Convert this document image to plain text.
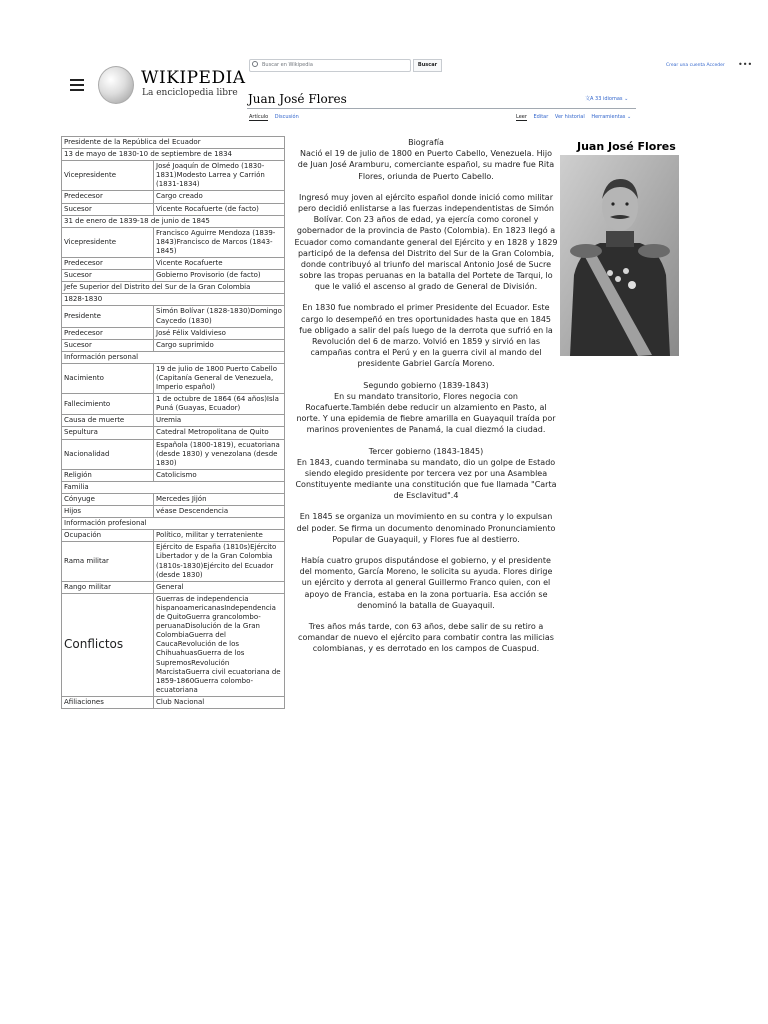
WIKIPEDIA
La enciclopedia libre
Buscar en Wikipedia	Buscar	Crear una cuenta Acceder •••
Juan José Flores	文A 33 idiomas ⌄
Artículo Discusión	Leer Editar Ver historial Herramientas ⌄
Presidente de la República del Ecuador	
13 de mayo de 1830-10 de septiembre de 1834	
Vicepresidente	José Joaquín de Olmedo (1830-1831)Modesto Larrea y Carrión (1831-1834)
Predecesor	Cargo creado
Sucesor	Vicente Rocafuerte (de facto)
31 de enero de 1839-18 de junio de 1845	
Vicepresidente	Francisco Aguirre Mendoza (1839-1843)Francisco de Marcos (1843-1845)
Predecesor	Vicente Rocafuerte
Sucesor	Gobierno Provisorio (de facto)
Jefe Superior del Distrito del Sur de la Gran Colombia	
1828-1830	
Presidente	Simón Bolívar (1828-1830)Domingo Caycedo (1830)
Predecesor	José Félix Valdivieso
Sucesor	Cargo suprimido
Información personal	
Nacimiento	19 de julio de 1800 Puerto Cabello (Capitanía General de Venezuela, Imperio español)
Fallecimiento	1 de octubre de 1864 (64 años)Isla Puná (Guayas, Ecuador)
Causa de muerte	Uremia
Sepultura	Catedral Metropolitana de Quito
Nacionalidad	Española (1800-1819), ecuatoriana (desde 1830) y venezolana (desde 1830)
Religión	Catolicismo
Familia	
Cónyuge	Mercedes Jijón
Hijos	véase Descendencia
Información profesional	
Ocupación	Político, militar y terrateniente
Rama militar	Ejército de España (1810s)Ejército Libertador y de la Gran Colombia (1810s-1830)Ejército del Ecuador (desde 1830)
Rango militar	General
Conflictos	Guerras de independencia hispanoamericanasIndependencia de QuitoGuerra grancolombo-peruanaDisolución de la Gran ColombiaGuerra del CaucaRevolución de los ChihuahuasGuerra de los SupremosRevolución MarcistaGuerra civil ecuatoriana de 1859-1860Guerra colombo-ecuatoriana
Afiliaciones	Club Nacional
Biografía

Nació el 19 de julio de 1800 en Puerto Cabello, Venezuela. Hijo de Juan José Aramburu, comerciante español, su madre fue Rita Flores, oriunda de Puerto Cabello.

Ingresó muy joven al ejército español donde inició como militar pero decidió enlistarse a las fuerzas independentistas de Simón Bolívar. Con 23 años de edad, ya ejercía como coronel y gobernador de la provincia de Pasto (Colombia). En 1823 llegó a Ecuador como comandante general del Ejército y en 1828 y 1829 participó de la defensa del Distrito del Sur de la Gran Colombia, donde contribuyó al triunfo del mariscal Antonio José de Sucre sobre las tropas peruanas en la batalla del Portete de Tarqui, lo que le valió el ascenso al grado de General de División.

En 1830 fue nombrado el primer Presidente del Ecuador. Este cargo lo desempeñó en tres oportunidades hasta que en 1845 fue obligado a salir del país luego de la derrota que sufrió en la Revolución del 6 de marzo. Volvió en 1859 y sirvió en las campañas contra el Perú y en la guerra civil al mando del presidente Gabriel García Moreno.

Segundo gobierno (1839-1843)

En su mandato transitorio, Flores negocia con Rocafuerte.También debe reducir un alzamiento en Pasto, al norte. Y una epidemia de fiebre amarilla en Guayaquil traída por marinos provenientes de Panamá, la cual diezmó la ciudad.

Tercer gobierno (1843-1845)

En 1843, cuando terminaba su mandato, dio un golpe de Estado siendo elegido presidente por tercera vez por una Asamblea Constituyente mediante una constitución que fue llamada "Carta de Esclavitud".4

En 1845 se organiza un movimiento en su contra y lo expulsan del poder. Se firma un documento denominado Pronunciamiento Popular de Guayaquil, y Flores fue al destierro.

Había cuatro grupos disputándose el gobierno, y el presidente del momento, García Moreno, le solicita su ayuda. Flores dirige un ejército y derrota al general Guillermo Franco quien, con el apoyo de Francia, estaba en la zona portuaria. Esa acción se denominó la batalla de Guayaquil.

Tres años más tarde, con 63 años, debe salir de su retiro a comandar de nuevo el ejército para combatir contra las milicias colombianas, y es derrotado en los campos de Cuaspud.

Juan José Flores
